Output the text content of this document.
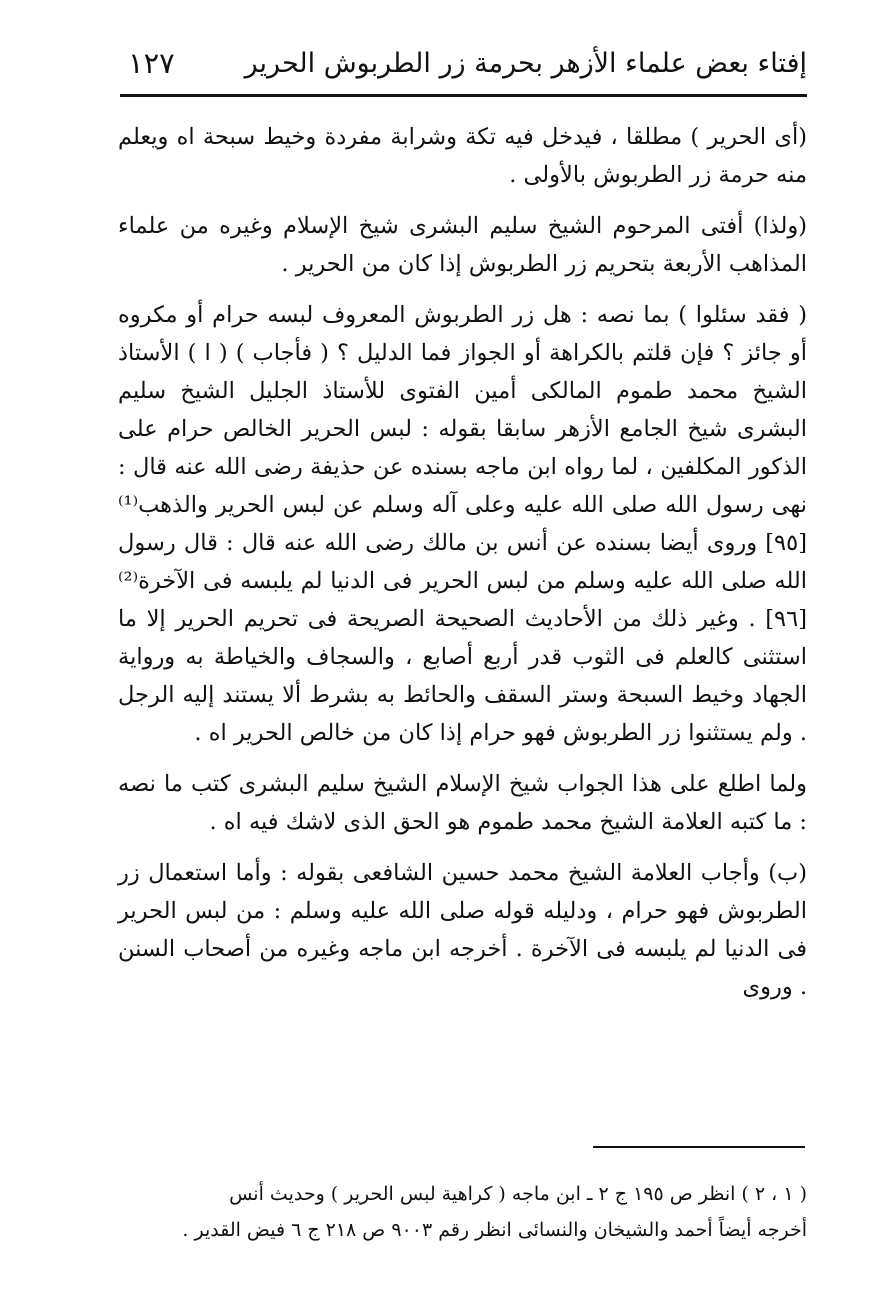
إفتاء بعض علماء الأزهر بحرمة زر الطربوش الحرير
١٢٧

(أى الحرير ) مطلقا ، فيدخل فيه تكة وشرابة مفردة وخيط سبحة اه ويعلم منه حرمة زر الطربوش بالأولى .

(ولذا) أفتى المرحوم الشيخ سليم البشرى شيخ الإسلام وغيره من علماء المذاهب الأربعة بتحريم زر الطربوش إذا كان من الحرير .

( فقد سئلوا ) بما نصه : هل زر الطربوش المعروف لبسه حرام أو مكروه أو جائز ؟ فإن قلتم بالكراهة أو الجواز فما الدليل ؟ ( فأجاب ) ( ا ) الأستاذ الشيخ محمد طموم المالكى أمين الفتوى للأستاذ الجليل الشيخ سليم البشرى شيخ الجامع الأزهر سابقا بقوله : لبس الحرير الخالص حرام على الذكور المكلفين ، لما رواه ابن ماجه بسنده عن حذيفة رضى الله عنه قال : نهى رسول الله صلى الله عليه وعلى آله وسلم عن لبس الحرير والذهب⁽¹⁾ [٩٥] وروى أيضا بسنده عن أنس بن مالك رضى الله عنه قال : قال رسول الله صلى الله عليه وسلم من لبس الحرير فى الدنيا لم يلبسه فى الآخرة⁽²⁾ [٩٦] . وغير ذلك من الأحاديث الصحيحة الصريحة فى تحريم الحرير إلا ما استثنى كالعلم فى الثوب قدر أربع أصابع ، والسجاف والخياطة به ورواية الجهاد وخيط السبحة وستر السقف والحائط به بشرط ألا يستند إليه الرجل . ولم يستثنوا زر الطربوش فهو حرام إذا كان من خالص الحرير اه .

ولما اطلع على هذا الجواب شيخ الإسلام الشيخ سليم البشرى كتب ما نصه : ما كتبه العلامة الشيخ محمد طموم هو الحق الذى لاشك فيه اه .

(ب) وأجاب العلامة الشيخ محمد حسين الشافعى بقوله : وأما استعمال زر الطربوش فهو حرام ، ودليله قوله صلى الله عليه وسلم : من لبس الحرير فى الدنيا لم يلبسه فى الآخرة . أخرجه ابن ماجه وغيره من أصحاب السنن . وروى

( ١ ، ٢ ) انظر ص ١٩٥ ج ٢ ـ ابن ماجه ( كراهية لبس الحرير ) وحديث أنس

أخرجه أيضاً أحمد والشيخان والنسائى انظر رقم ٩٠٠٣ ص ٢١٨ ج ٦ فيض القدير .
